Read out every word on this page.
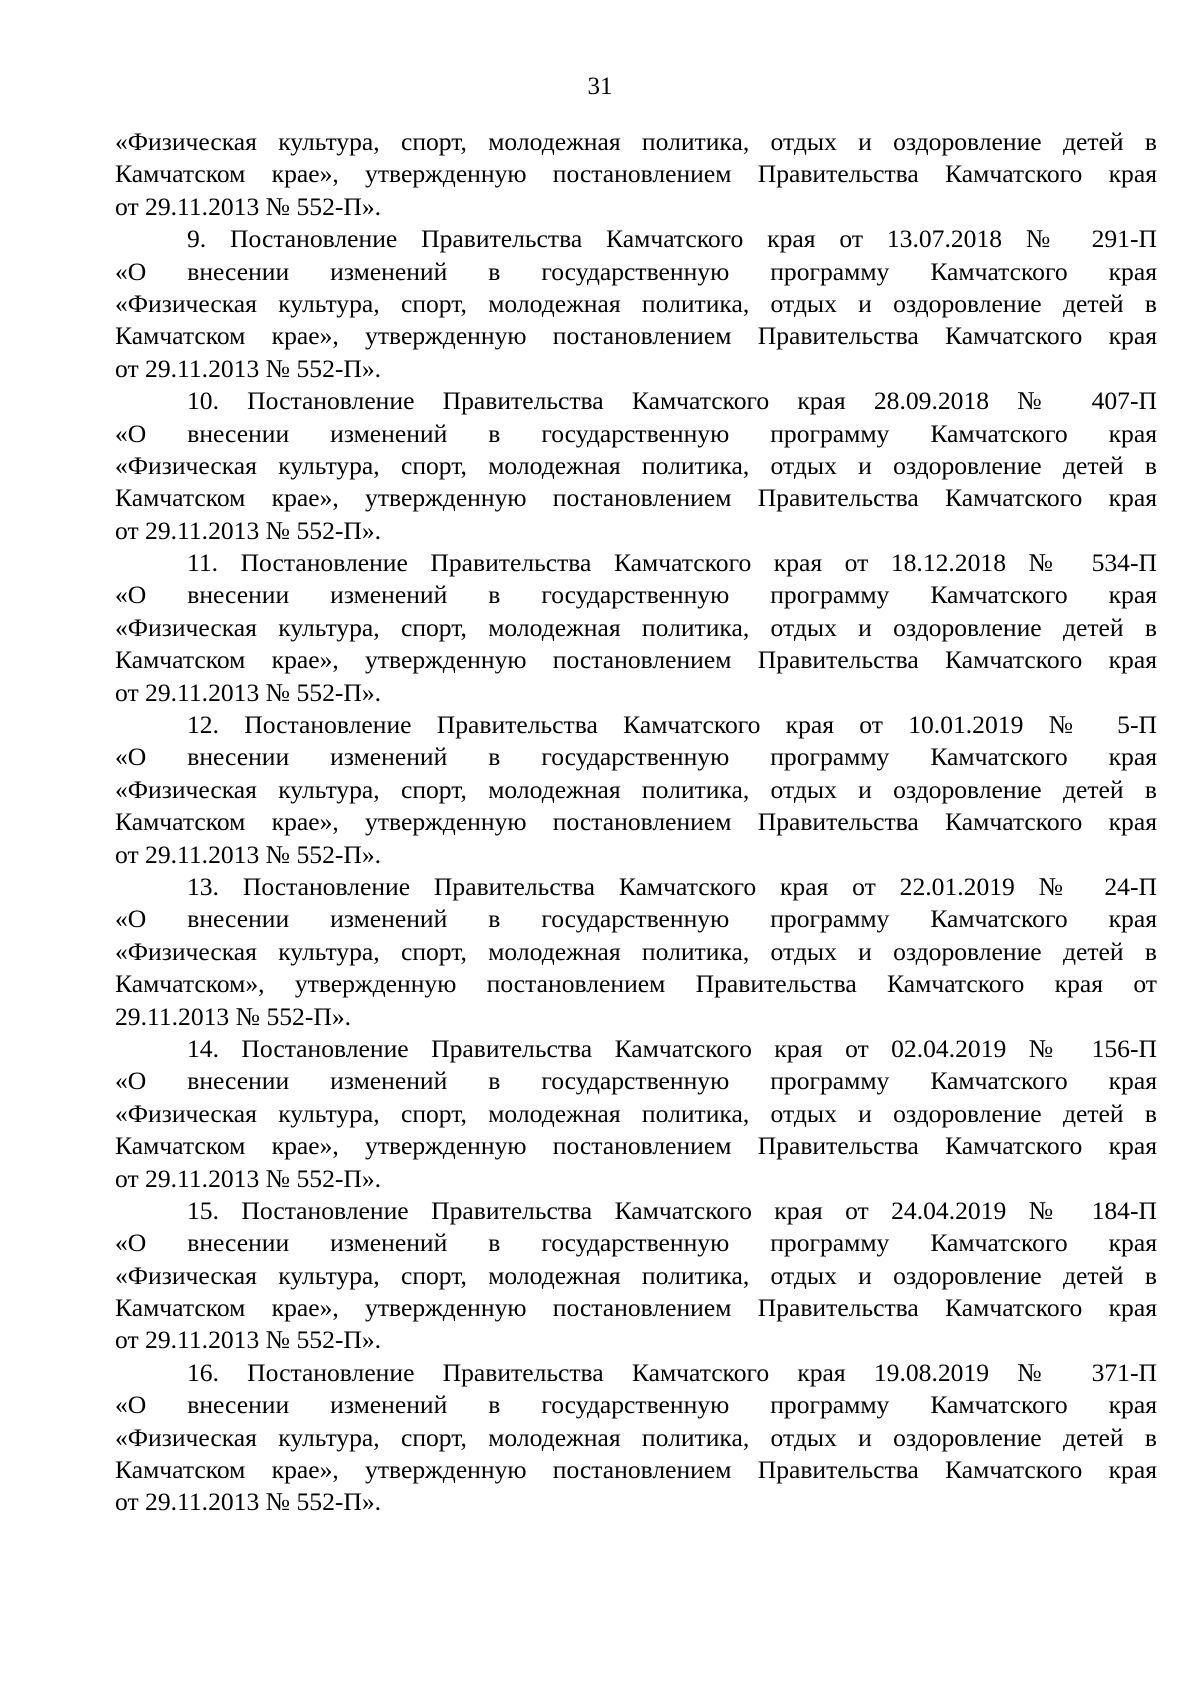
31
«Физическая культура, спорт, молодежная политика, отдых и оздоровление детей в
Камчатском крае», утвержденную постановлением Правительства Камчатского края
от 29.11.2013 № 552-П».
9. Постановление Правительства Камчатского края от 13.07.2018 № 291-П
«О внесении изменений в государственную программу Камчатского края
«Физическая культура, спорт, молодежная политика, отдых и оздоровление детей в
Камчатском крае», утвержденную постановлением Правительства Камчатского края
от 29.11.2013 № 552-П».
10. Постановление Правительства Камчатского края 28.09.2018 № 407-П
«О внесении изменений в государственную программу Камчатского края
«Физическая культура, спорт, молодежная политика, отдых и оздоровление детей в
Камчатском крае», утвержденную постановлением Правительства Камчатского края
от 29.11.2013 № 552-П».
11. Постановление Правительства Камчатского края от 18.12.2018 № 534-П
«О внесении изменений в государственную программу Камчатского края
«Физическая культура, спорт, молодежная политика, отдых и оздоровление детей в
Камчатском крае», утвержденную постановлением Правительства Камчатского края
от 29.11.2013 № 552-П».
12. Постановление Правительства Камчатского края от 10.01.2019 № 5-П
«О внесении изменений в государственную программу Камчатского края
«Физическая культура, спорт, молодежная политика, отдых и оздоровление детей в
Камчатском крае», утвержденную постановлением Правительства Камчатского края
от 29.11.2013 № 552-П».
13. Постановление Правительства Камчатского края от 22.01.2019 № 24-П
«О внесении изменений в государственную программу Камчатского края
«Физическая культура, спорт, молодежная политика, отдых и оздоровление детей в
Камчатском», утвержденную постановлением Правительства Камчатского края от
29.11.2013 № 552-П».
14. Постановление Правительства Камчатского края от 02.04.2019 № 156-П
«О внесении изменений в государственную программу Камчатского края
«Физическая культура, спорт, молодежная политика, отдых и оздоровление детей в
Камчатском крае», утвержденную постановлением Правительства Камчатского края
от 29.11.2013 № 552-П».
15. Постановление Правительства Камчатского края от 24.04.2019 № 184-П
«О внесении изменений в государственную программу Камчатского края
«Физическая культура, спорт, молодежная политика, отдых и оздоровление детей в
Камчатском крае», утвержденную постановлением Правительства Камчатского края
от 29.11.2013 № 552-П».
16. Постановление Правительства Камчатского края 19.08.2019 № 371-П
«О внесении изменений в государственную программу Камчатского края
«Физическая культура, спорт, молодежная политика, отдых и оздоровление детей в
Камчатском крае», утвержденную постановлением Правительства Камчатского края
от 29.11.2013 № 552-П».
